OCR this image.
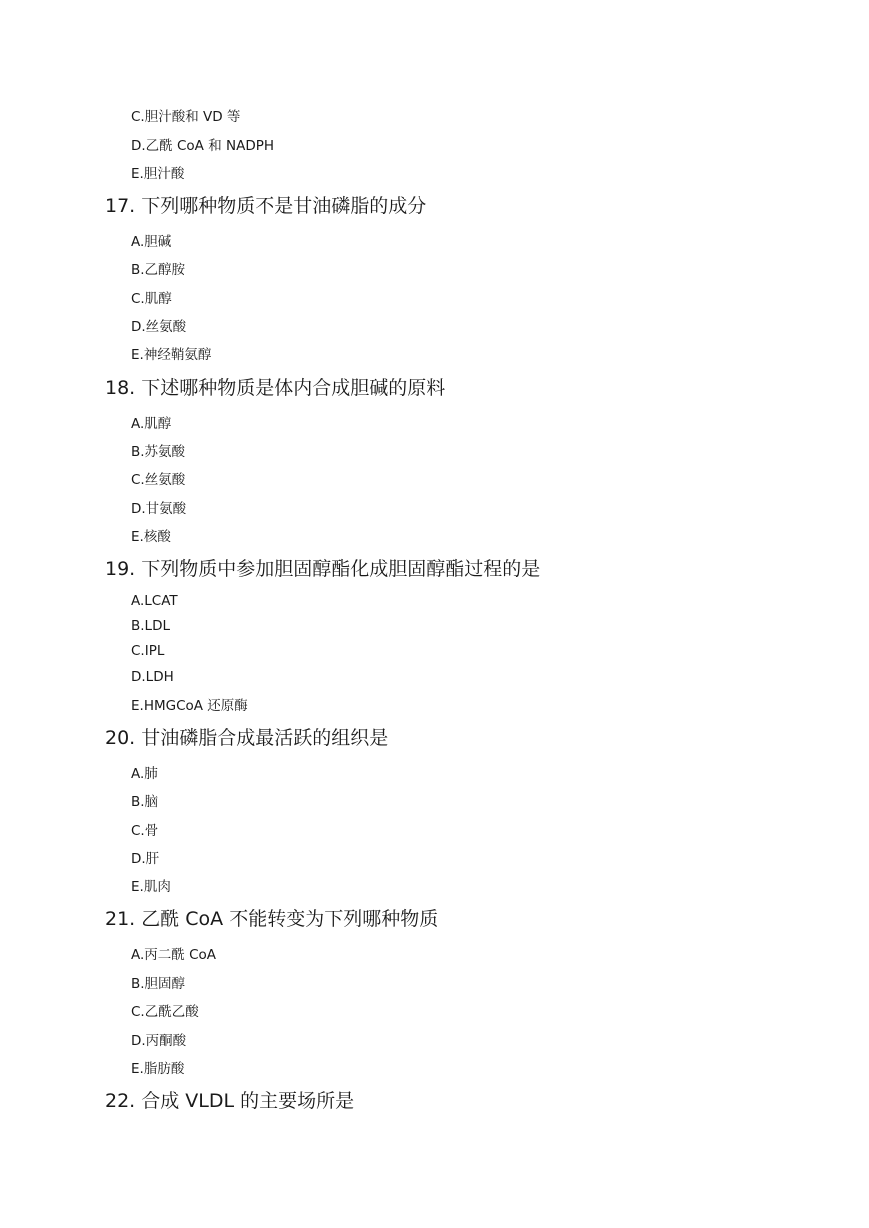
C.胆汁酸和 VD 等
D.乙酰 CoA 和 NADPH
E.胆汁酸
17. 下列哪种物质不是甘油磷脂的成分
A.胆碱
B.乙醇胺
C.肌醇
D.丝氨酸
E.神经鞘氨醇
18. 下述哪种物质是体内合成胆碱的原料
A.肌醇
B.苏氨酸
C.丝氨酸
D.甘氨酸
E.核酸
19. 下列物质中参加胆固醇酯化成胆固醇酯过程的是
A.LCAT
B.LDL
C.IPL
D.LDH
E.HMGCoA 还原酶
20. 甘油磷脂合成最活跃的组织是
A.肺
B.脑
C.骨
D.肝
E.肌肉
21. 乙酰 CoA 不能转变为下列哪种物质
A.丙二酰 CoA
B.胆固醇
D.丙酮酸
E.脂肪酸
C.乙酰乙酸
22. 合成 VLDL 的主要场所是
